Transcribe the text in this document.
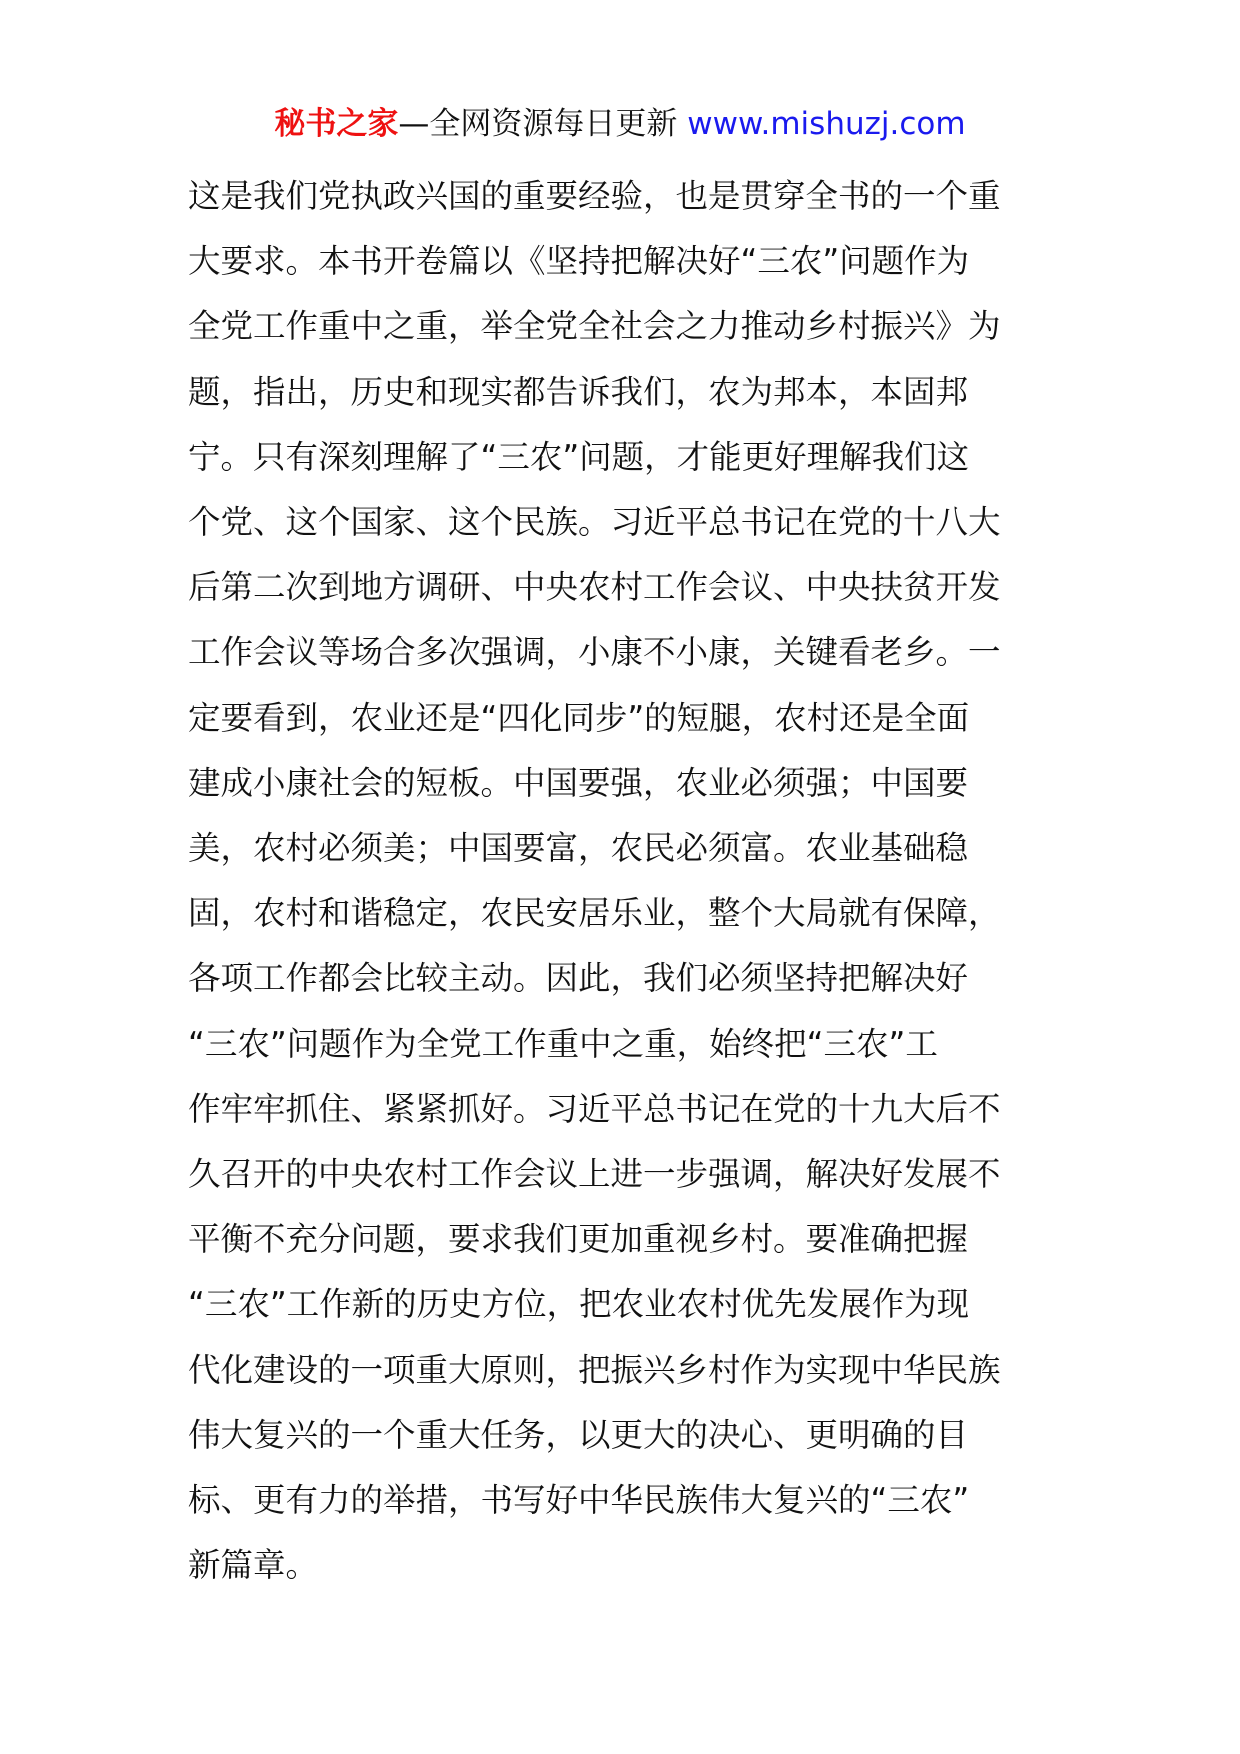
秘书之家—全网资源每日更新 www.mishuzj.com
这是我们党执政兴国的重要经验，也是贯穿全书的一个重
大要求。本书开卷篇以《坚持把解决好“三农”问题作为
全党工作重中之重，举全党全社会之力推动乡村振兴》为
题，指出，历史和现实都告诉我们，农为邦本，本固邦
宁。只有深刻理解了“三农”问题，才能更好理解我们这
个党、这个国家、这个民族。习近平总书记在党的十八大
后第二次到地方调研、中央农村工作会议、中央扶贫开发
工作会议等场合多次强调，小康不小康，关键看老乡。一
定要看到，农业还是“四化同步”的短腿，农村还是全面
建成小康社会的短板。中国要强，农业必须强；中国要
美，农村必须美；中国要富，农民必须富。农业基础稳
固，农村和谐稳定，农民安居乐业，整个大局就有保障，
各项工作都会比较主动。因此，我们必须坚持把解决好
“三农”问题作为全党工作重中之重，始终把“三农”工
作牢牢抓住、紧紧抓好。习近平总书记在党的十九大后不
久召开的中央农村工作会议上进一步强调，解决好发展不
平衡不充分问题，要求我们更加重视乡村。要准确把握
“三农”工作新的历史方位，把农业农村优先发展作为现
代化建设的一项重大原则，把振兴乡村作为实现中华民族
伟大复兴的一个重大任务，以更大的决心、更明确的目
标、更有力的举措，书写好中华民族伟大复兴的“三农”
新篇章。
